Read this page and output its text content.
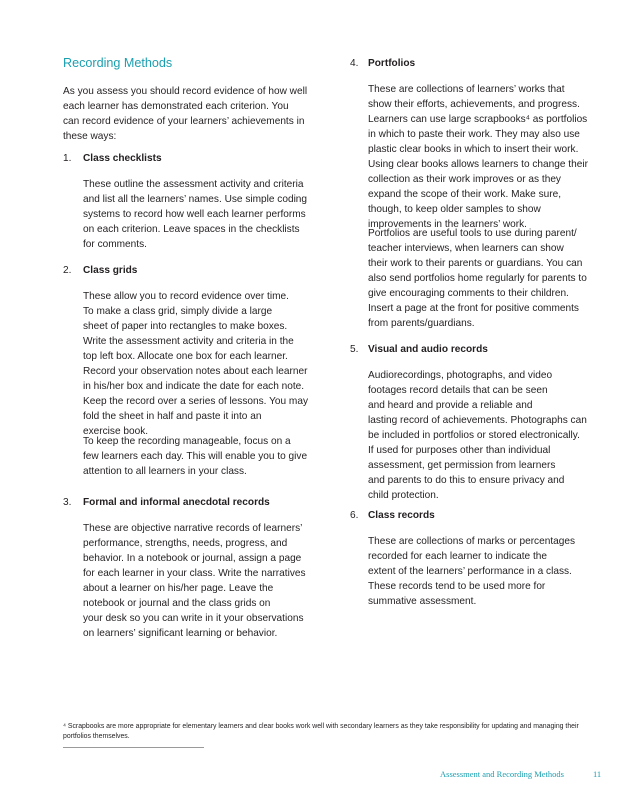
Recording Methods
As you assess you should record evidence of how well
each learner has demonstrated each criterion. You
can record evidence of your learners’ achievements in
these ways:
1. Class checklists
These outline the assessment activity and criteria
and list all the learners’ names. Use simple coding
systems to record how well each learner performs
on each criterion. Leave spaces in the checklists
for comments.
2. Class grids
These allow you to record evidence over time.
To make a class grid, simply divide a large
sheet of paper into rectangles to make boxes.
Write the assessment activity and criteria in the
top left box. Allocate one box for each learner.
Record your observation notes about each learner
in his/her box and indicate the date for each note.
Keep the record over a series of lessons. You may
fold the sheet in half and paste it into an
exercise book.
To keep the recording manageable, focus on a
few learners each day. This will enable you to give
attention to all learners in your class.
3. Formal and informal anecdotal records
These are objective narrative records of learners’
performance, strengths, needs, progress, and
behavior. In a notebook or journal, assign a page
for each learner in your class. Write the narratives
about a learner on his/her page. Leave the
notebook or journal and the class grids on
your desk so you can write in it your observations
on learners’ significant learning or behavior.
4. Portfolios
These are collections of learners’ works that
show their efforts, achievements, and progress.
Learners can use large scrapbooks⁴ as portfolios
in which to paste their work. They may also use
plastic clear books in which to insert their work.
Using clear books allows learners to change their
collection as their work improves or as they
expand the scope of their work. Make sure,
though, to keep older samples to show
improvements in the learners’ work.
Portfolios are useful tools to use during parent/
teacher interviews, when learners can show
their work to their parents or guardians. You can
also send portfolios home regularly for parents to
give encouraging comments to their children.
Insert a page at the front for positive comments
from parents/guardians.
5. Visual and audio records
Audiorecordings, photographs, and video
footages record details that can be seen
and heard and provide a reliable and
lasting record of achievements. Photographs can
be included in portfolios or stored electronically.
If used for purposes other than individual
assessment, get permission from learners
and parents to do this to ensure privacy and
child protection.
6. Class records
These are collections of marks or percentages
recorded for each learner to indicate the
extent of the learners’ performance in a class.
These records tend to be used more for
summative assessment.
⁴ Scrapbooks are more appropriate for elementary learners and clear books work well with secondary learners as they take responsibility for updating and managing their portfolios themselves.
Assessment and Recording Methods	11
